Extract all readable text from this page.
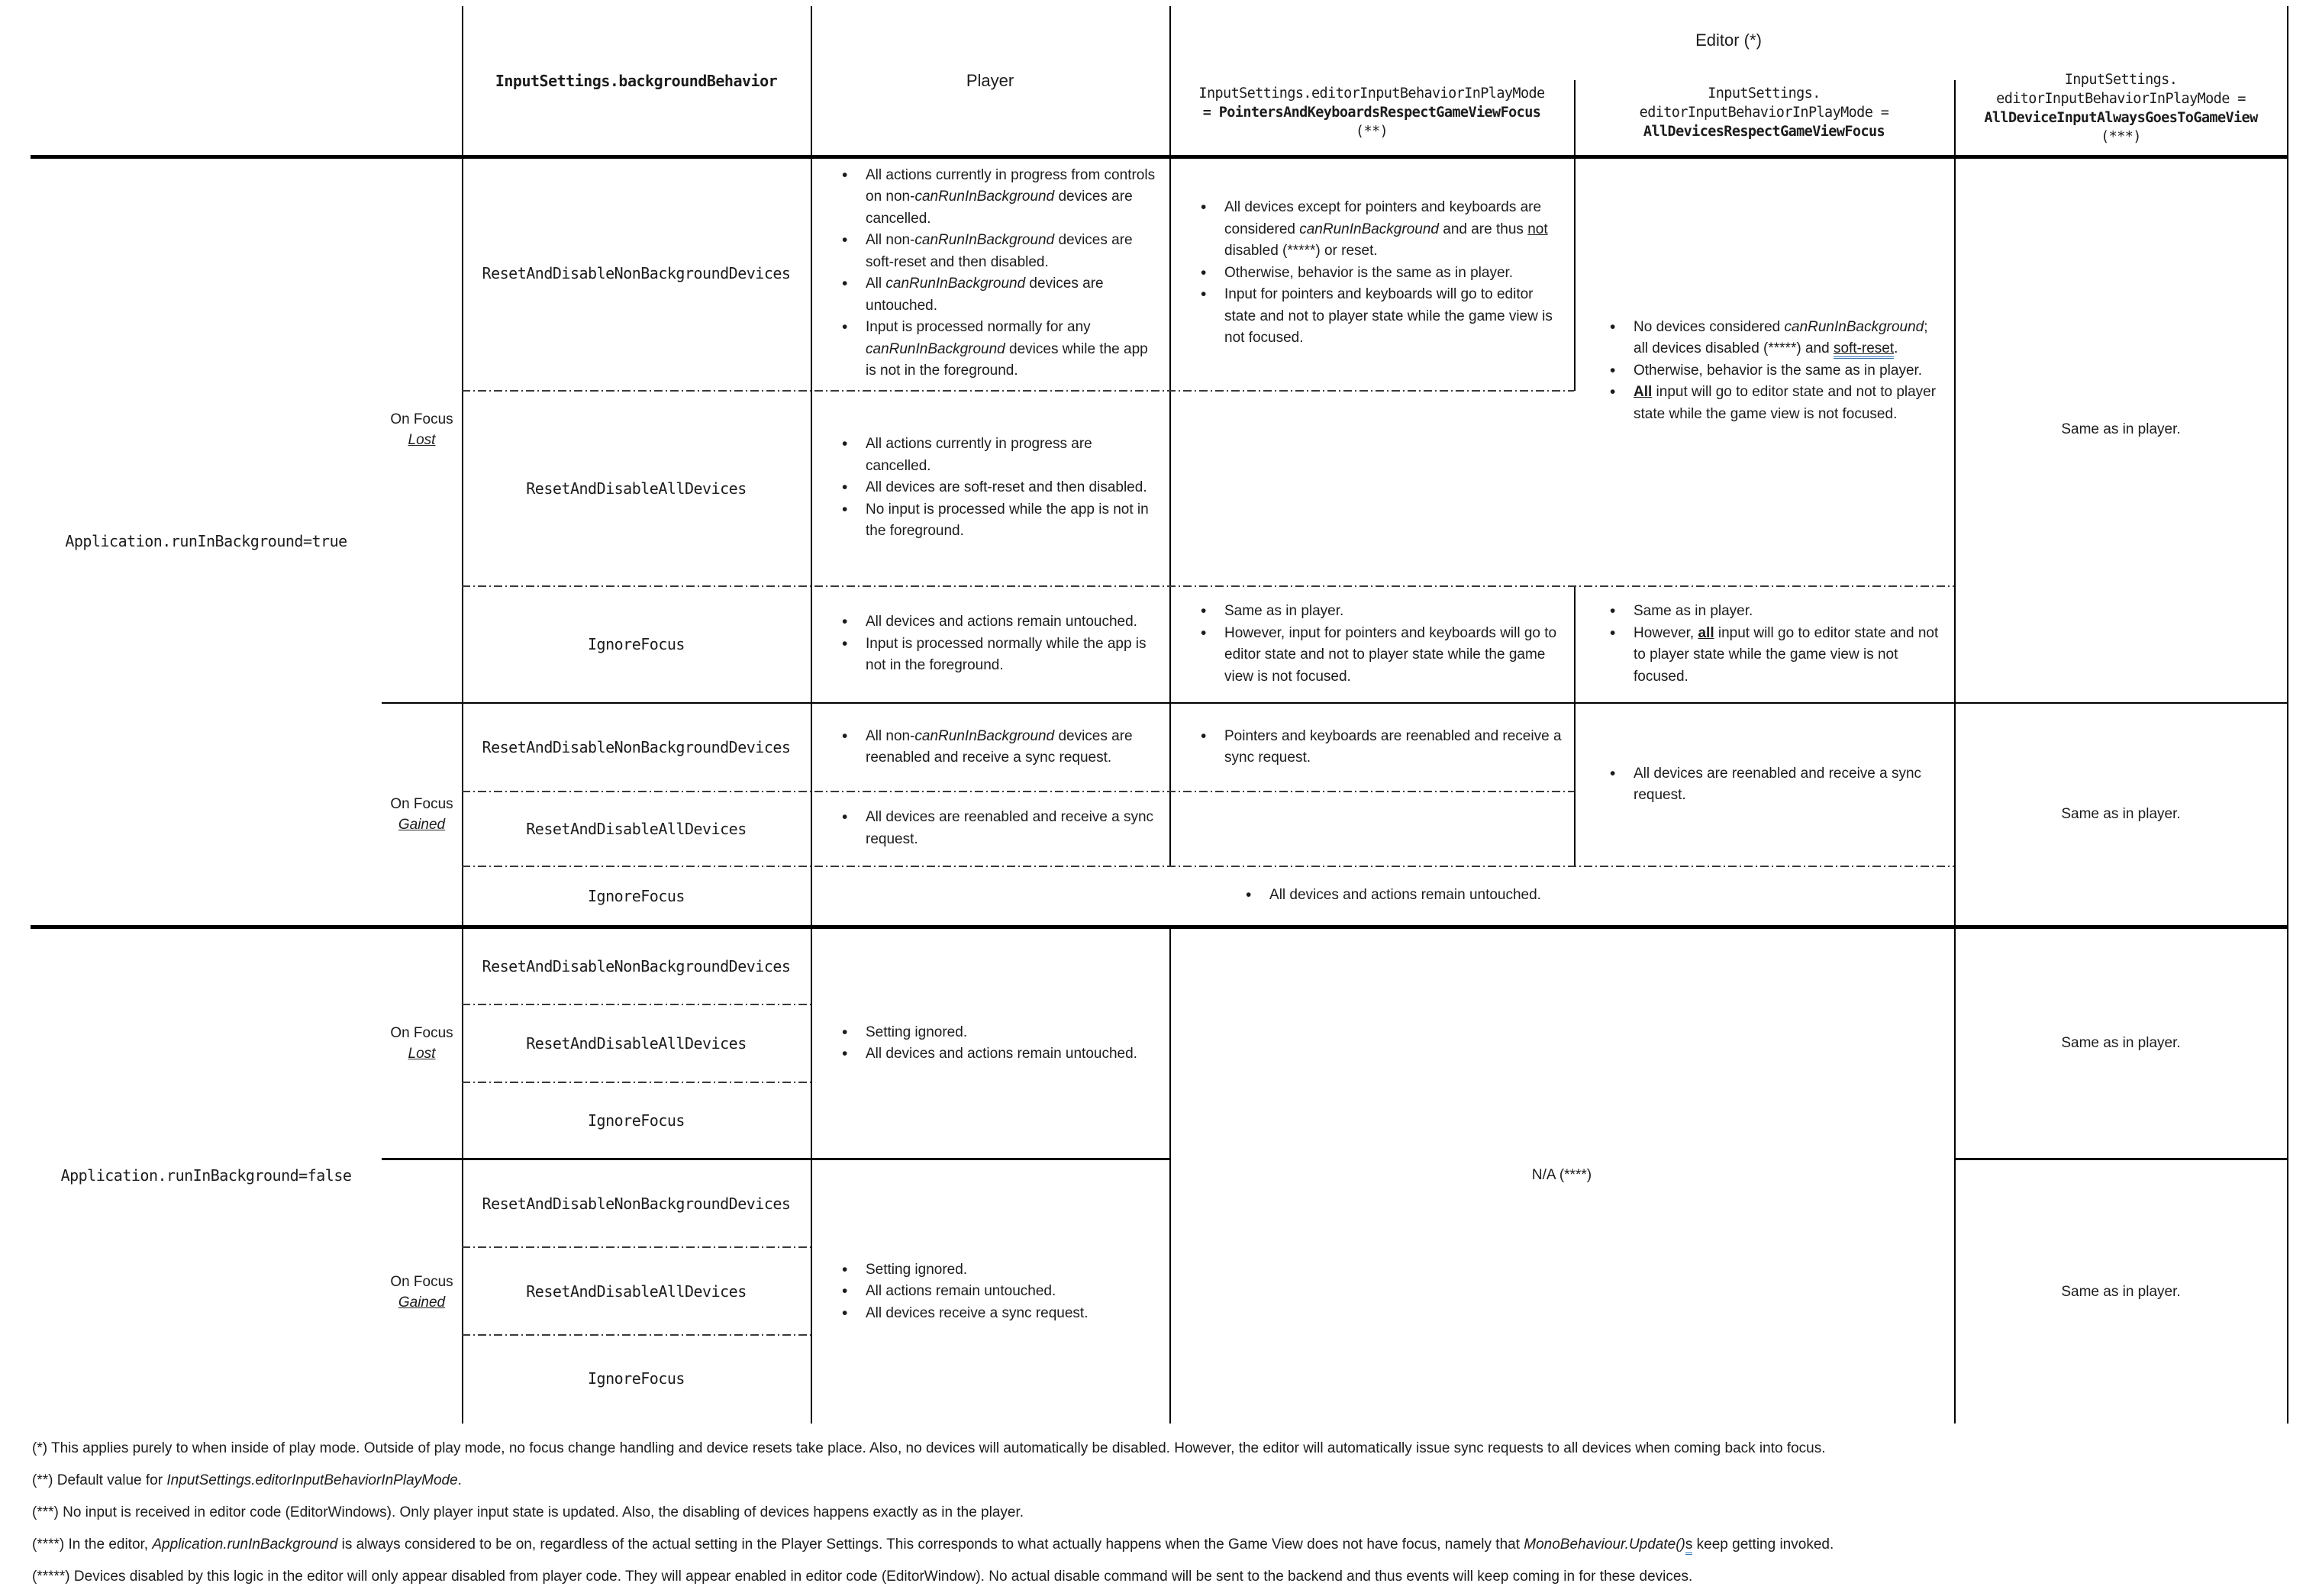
InputSettings.backgroundBehavior	Player
Editor (*)
InputSettings.editorInputBehaviorInPlayMode
= PointersAndKeyboardsRespectGameViewFocus
(**)
InputSettings.
editorInputBehaviorInPlayMode =
AllDevicesRespectGameViewFocus
InputSettings.
editorInputBehaviorInPlayMode =
AllDeviceInputAlwaysGoesToGameView
(***)
Application.runInBackground=true
Application.runInBackground=false
On Focus
Lost
On Focus
Gained
On Focus
Lost
On Focus
Gained
ResetAndDisableNonBackgroundDevices
ResetAndDisableAllDevices
IgnoreFocus
ResetAndDisableNonBackgroundDevices
ResetAndDisableAllDevices
IgnoreFocus
ResetAndDisableNonBackgroundDevices
ResetAndDisableAllDevices
IgnoreFocus
ResetAndDisableNonBackgroundDevices
ResetAndDisableAllDevices
IgnoreFocus
• All actions currently in progress from controls on non-canRunInBackground devices are cancelled.
• All non-canRunInBackground devices are soft-reset and then disabled.
• All canRunInBackground devices are untouched.
• Input is processed normally for any canRunInBackground devices while the app is not in the foreground.
• All actions currently in progress are cancelled.
• All devices are soft-reset and then disabled.
• No input is processed while the app is not in the foreground.
• All devices and actions remain untouched.
• Input is processed normally while the app is not in the foreground.
• All non-canRunInBackground devices are reenabled and receive a sync request.
• All devices are reenabled and receive a sync request.
• All devices and actions remain untouched.
• Setting ignored.
• All devices and actions remain untouched.
• Setting ignored.
• All actions remain untouched.
• All devices receive a sync request.
• All devices except for pointers and keyboards are considered canRunInBackground and are thus not disabled (*****) or reset.
• Otherwise, behavior is the same as in player.
• Input for pointers and keyboards will go to editor state and not to player state while the game view is not focused.
• Same as in player.
• However, input for pointers and keyboards will go to editor state and not to player state while the game view is not focused.
• Pointers and keyboards are reenabled and receive a sync request.
• No devices considered canRunInBackground; all devices disabled (*****) and soft-reset.
• Otherwise, behavior is the same as in player.
• All input will go to editor state and not to player state while the game view is not focused.
• Same as in player.
• However, all input will go to editor state and not to player state while the game view is not focused.
• All devices are reenabled and receive a sync request.
N/A (****)
Same as in player.
Same as in player.
Same as in player.
Same as in player.

(*) This applies purely to when inside of play mode. Outside of play mode, no focus change handling and device resets take place. Also, no devices will automatically be disabled. However, the editor will automatically issue sync requests to all devices when coming back into focus.

(**) Default value for InputSettings.editorInputBehaviorInPlayMode.

(***) No input is received in editor code (EditorWindows). Only player input state is updated. Also, the disabling of devices happens exactly as in the player.

(****) In the editor, Application.runInBackground is always considered to be on, regardless of the actual setting in the Player Settings. This corresponds to what actually happens when the Game View does not have focus, namely that MonoBehaviour.Update()s keep getting invoked.

(*****) Devices disabled by this logic in the editor will only appear disabled from player code. They will appear enabled in editor code (EditorWindow). No actual disable command will be sent to the backend and thus events will keep coming in for these devices.
